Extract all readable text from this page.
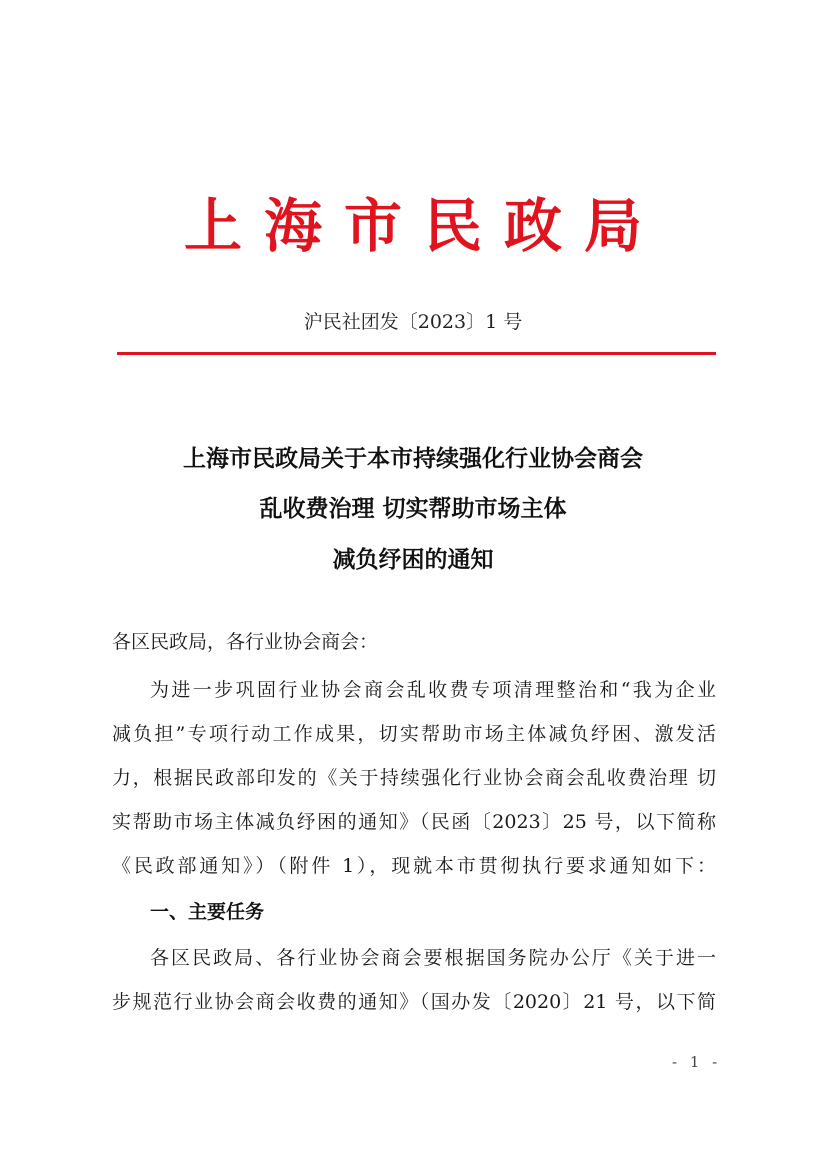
上海市民政局
沪民社团发〔2023〕1 号
上海市民政局关于本市持续强化行业协会商会
乱收费治理 切实帮助市场主体
减负纾困的通知
各区民政局，各行业协会商会：
为进一步巩固行业协会商会乱收费专项清理整治和“我为企业
减负担”专项行动工作成果，切实帮助市场主体减负纾困、激发活
力，根据民政部印发的《关于持续强化行业协会商会乱收费治理 切
实帮助市场主体减负纾困的通知》（民函〔2023〕25 号，以下简称
《民政部通知》）（附件 1），现就本市贯彻执行要求通知如下：
一、主要任务
各区民政局、各行业协会商会要根据国务院办公厅《关于进一
步规范行业协会商会收费的通知》（国办发〔2020〕21 号，以下简
- 1 -
